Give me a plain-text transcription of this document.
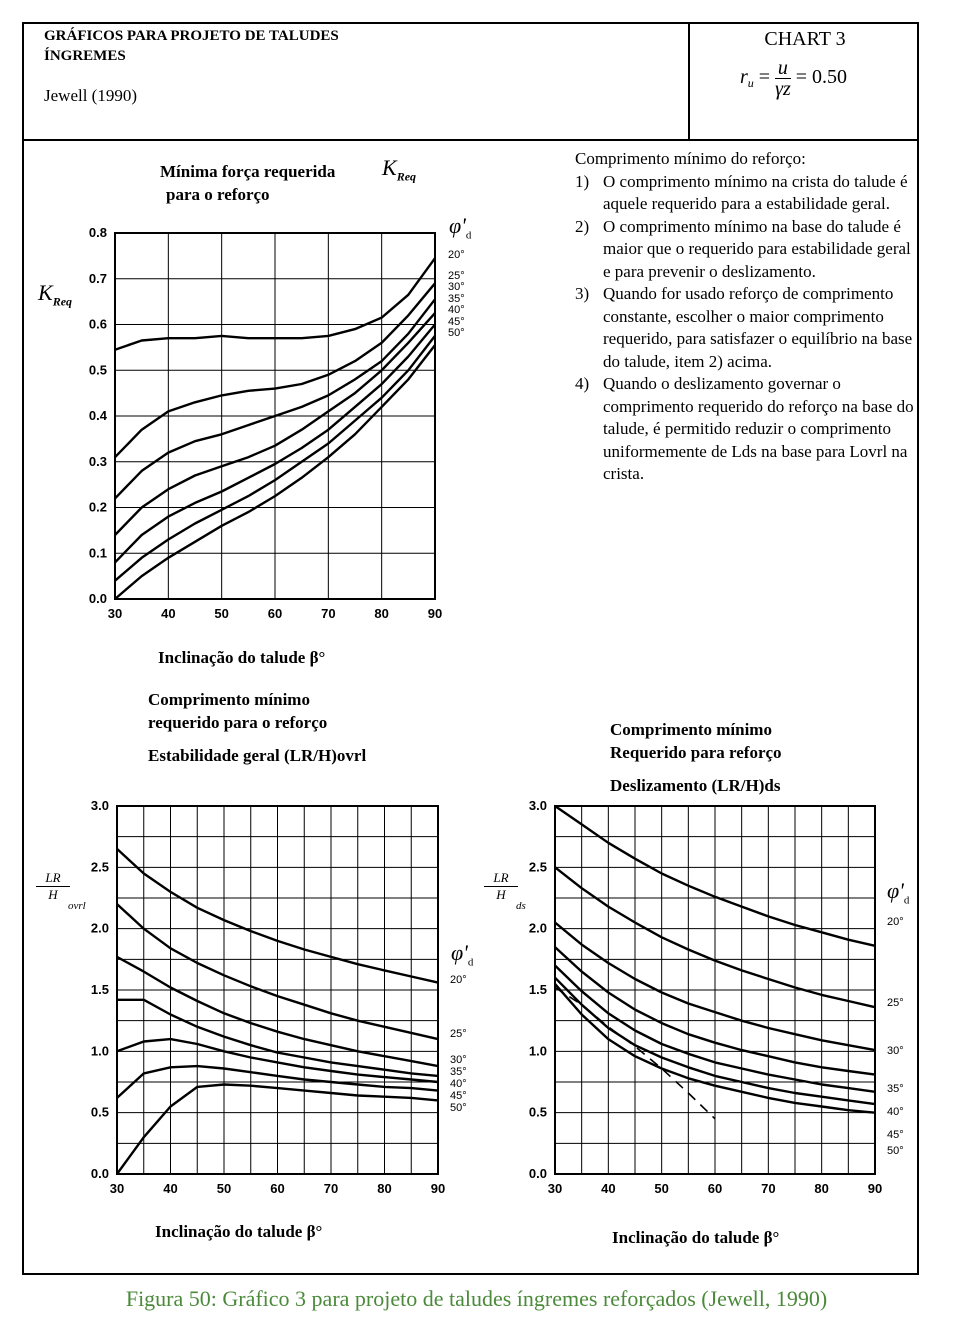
GRÁFICOS PARA PROJETO DE TALUDES ÍNGREMES
Jewell (1990)
CHART 3
$r_u = \frac{u}{\gamma z} = 0.50$
Mínima força requerida
para o reforço
$K_{Req}$
Comprimento mínimo do reforço:
1) O comprimento mínimo na crista do talude é aquele requerido para a estabilidade geral.
2) O comprimento mínimo na base do talude é maior que o requerido para estabilidade geral e para prevenir o deslizamento.
3) Quando for usado reforço de comprimento constante, escolher o maior comprimento requerido, para satisfazer o equilíbrio na base do talude, item 2) acima.
4) Quando o deslizamento governar o comprimento requerido do reforço na base do talude, é permitido reduzir o comprimento uniformemente de Lds na base para Lovrl na crista.
$K_{Req}$
$\varphi'_d$
Inclinação do talude β°
Comprimento mínimo
requerido para o reforço
Estabilidade geral (LR/H)ovrl
LR
H
ovrl
$\varphi'_d$
Inclinação do talude β°
Comprimento mínimo
Requerido para reforço
Deslizamento (LR/H)ds
LR
H
ds
$\varphi'_d$
Inclinação do talude β°
0.0
0.1
0.2
0.3
0.4
0.5
0.6
0.7
0.8
30	40	50	60	70	80	90
20°
25°
30°
35°
40°
45°
50°
0.0
0.5
1.0
1.5
2.0
2.5
3.0
30	40	50	60	70	80	90
20°
25°
30°
35°
40°
45°
50°
0.0
0.5
1.0
1.5
2.0
2.5
3.0
30	40	50	60	70	80	90
20°
25°
30°
35°
40°
45°
50°
Figura 50: Gráfico 3 para projeto de taludes íngremes reforçados (Jewell, 1990)
